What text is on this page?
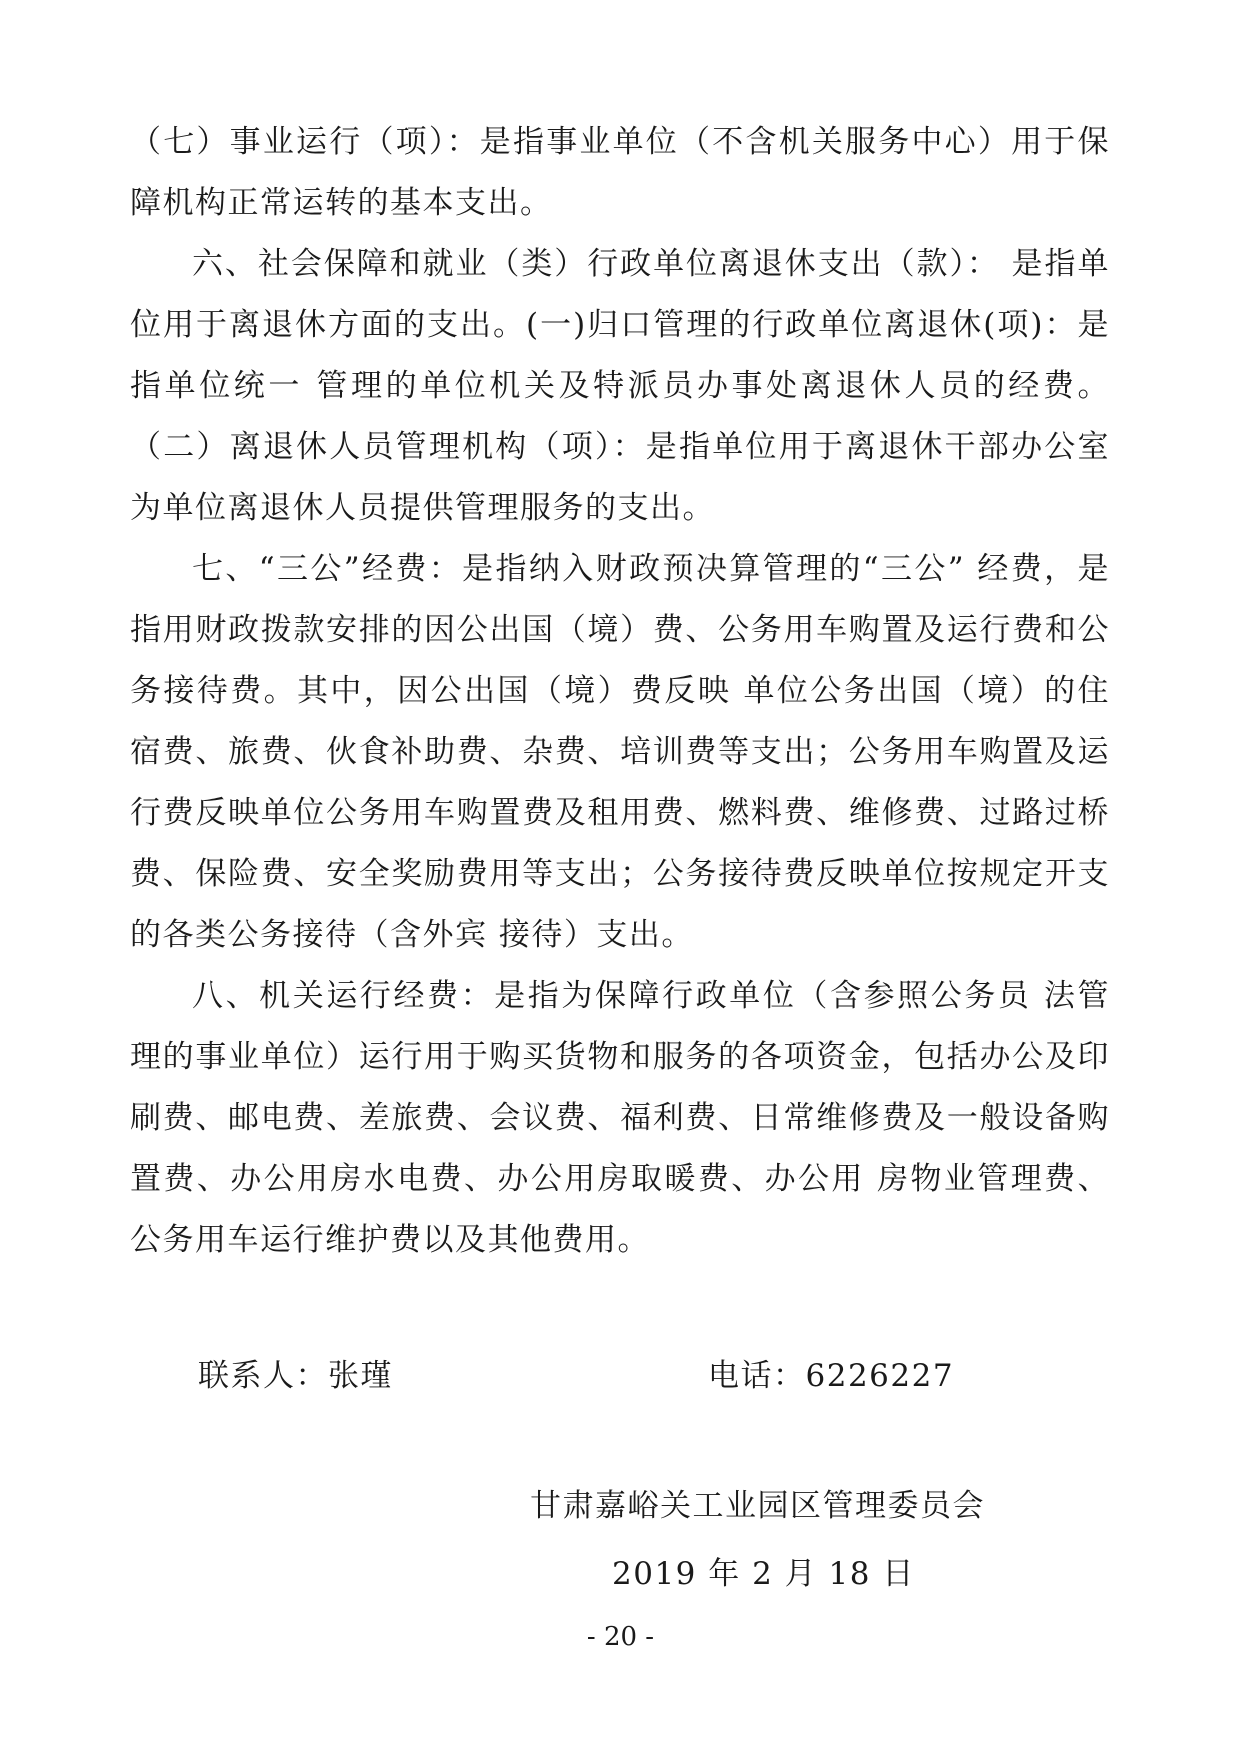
（七）事业运行（项）：是指事业单位（不含机关服务中心）用于保障机构正常运转的基本支出。

六、社会保障和就业（类）行政单位离退休支出（款）： 是指单位用于离退休方面的支出。(一)归口管理的行政单位离退休(项)：是指单位统一 管理的单位机关及特派员办事处离退休人员的经费。（二）离退休人员管理机构（项）：是指单位用于离退休干部办公室为单位离退休人员提供管理服务的支出。

七、“三公”经费：是指纳入财政预决算管理的“三公” 经费，是指用财政拨款安排的因公出国（境）费、公务用车购置及运行费和公务接待费。其中，因公出国（境）费反映 单位公务出国（境）的住宿费、旅费、伙食补助费、杂费、培训费等支出；公务用车购置及运行费反映单位公务用车购置费及租用费、燃料费、维修费、过路过桥费、保险费、安全奖励费用等支出；公务接待费反映单位按规定开支的各类公务接待（含外宾 接待）支出。

八、机关运行经费：是指为保障行政单位（含参照公务员 法管理的事业单位）运行用于购买货物和服务的各项资金，包括办公及印刷费、邮电费、差旅费、会议费、福利费、日常维修费及一般设备购置费、办公用房水电费、办公用房取暖费、办公用 房物业管理费、公务用车运行维护费以及其他费用。

联系人：张瑾	电话：6226227
甘肃嘉峪关工业园区管理委员会
2019 年 2 月 18 日
- 20 -
